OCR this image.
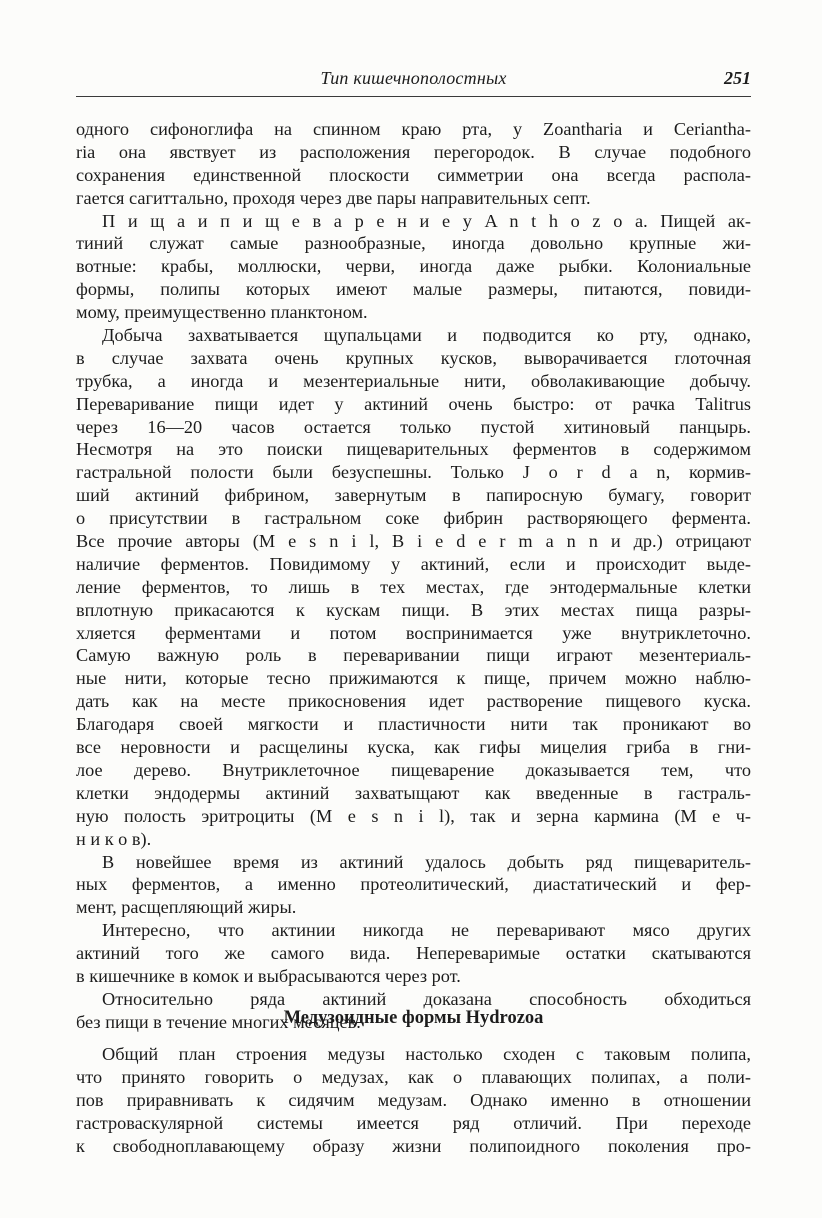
Тип кишечнополостных	251
одного сифоноглифа на спинном краю рта, у Zoantharia и Ceriantha-
ria она явствует из расположения перегородок. В случае подобного
сохранения единственной плоскости симметрии она всегда распола-
гается сагиттально, проходя через две пары направительных септ.
П и щ а и п и щ е в а р е н и е у A n t h o z o a. Пищей ак-
тиний служат самые разнообразные, иногда довольно крупные жи-
вотные: крабы, моллюски, черви, иногда даже рыбки. Колониальные
формы, полипы которых имеют малые размеры, питаются, повиди-
мому, преимущественно планктоном.
Добыча захватывается щупальцами и подводится ко рту, однако,
в случае захвата очень крупных кусков, выворачивается глоточная
трубка, а иногда и мезентериальные нити, обволакивающие добычу.
Переваривание пищи идет у актиний очень быстро: от рачка Talitrus
через 16—20 часов остается только пустой хитиновый панцырь.
Несмотря на это поиски пищеварительных ферментов в содержимом
гастральной полости были безуспешны. Только J o r d a n, кормив-
ший актиний фибрином, завернутым в папиросную бумагу, говорит
о присутствии в гастральном соке фибрин растворяющего фермента.
Все прочие авторы (M e s n i l, B i e d e r m a n n и др.) отрицают
наличие ферментов. Повидимому у актиний, если и происходит выде-
ление ферментов, то лишь в тех местах, где энтодермальные клетки
вплотную прикасаются к кускам пищи. В этих местах пища разры-
хляется ферментами и потом воспринимается уже внутриклеточно.
Самую важную роль в переваривании пищи играют мезентериаль-
ные нити, которые тесно прижимаются к пище, причем можно наблю-
дать как на месте прикосновения идет растворение пищевого куска.
Благодаря своей мягкости и пластичности нити так проникают во
все неровности и расщелины куска, как гифы мицелия гриба в гни-
лое дерево. Внутриклеточное пищеварение доказывается тем, что
клетки эндодермы актиний захватыщают как введенные в гастраль-
ную полость эритроциты (M e s n i l), так и зерна кармина (М е ч-
н и к о в).
В новейшее время из актиний удалось добыть ряд пищеваритель-
ных ферментов, а именно протеолитический, диастатический и фер-
мент, расщепляющий жиры.
Интересно, что актинии никогда не переваривают мясо других
актиний того же самого вида. Непереваримые остатки скатываются
в кишечнике в комок и выбрасываются через рот.
Относительно ряда актиний доказана способность обходиться
без пищи в течение многих месяцев.
Медузоидные формы Hydrozoa
Общий план строения медузы настолько сходен с таковым полипа,
что принято говорить о медузах, как о плавающих полипах, а поли-
пов приравнивать к сидячим медузам. Однако именно в отношении
гастроваскулярной системы имеется ряд отличий. При переходе
к свободноплавающему образу жизни полипоидного поколения про-
